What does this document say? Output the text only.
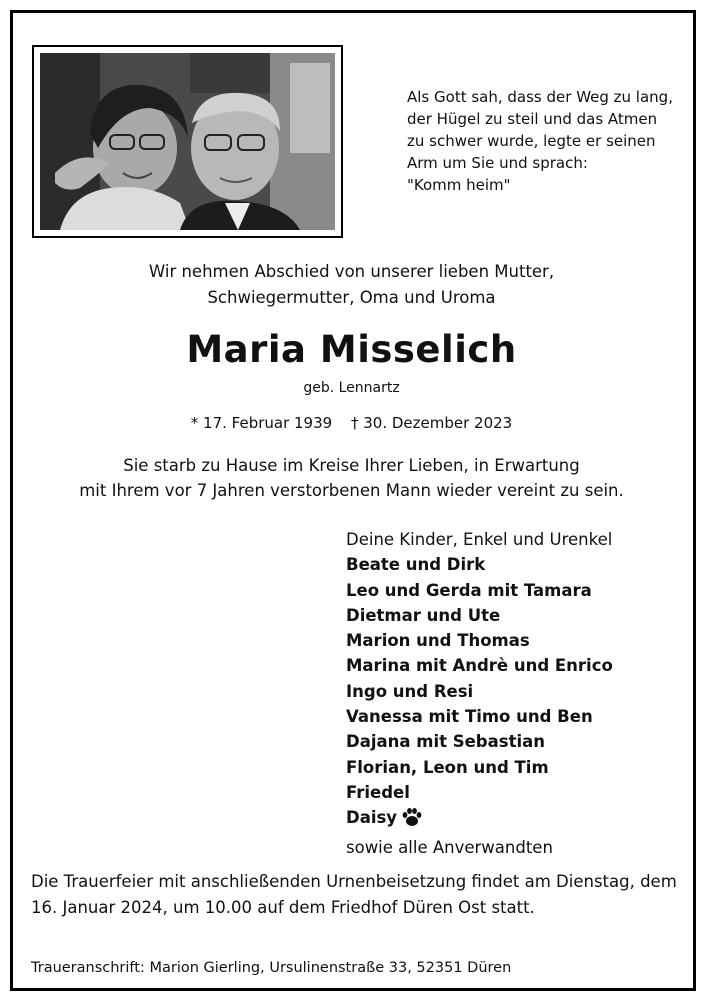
Als Gott sah, dass der Weg zu lang,
der Hügel zu steil und das Atmen
zu schwer wurde, legte er seinen
Arm um Sie und sprach:
"Komm heim"
Wir nehmen Abschied von unserer lieben Mutter,
Schwiegermutter, Oma und Uroma
Maria Misselich
geb. Lennartz
* 17. Februar 1939 † 30. Dezember 2023
Sie starb zu Hause im Kreise Ihrer Lieben, in Erwartung
mit Ihrem vor 7 Jahren verstorbenen Mann wieder vereint zu sein.
Deine Kinder, Enkel und Urenkel
Beate und Dirk
Leo und Gerda mit Tamara
Dietmar und Ute
Marion und Thomas
Marina mit Andrè und Enrico
Ingo und Resi
Vanessa mit Timo und Ben
Dajana mit Sebastian
Florian, Leon und Tim
Friedel
Daisy
sowie alle Anverwandten
Die Trauerfeier mit anschließenden Urnenbeisetzung findet am Dienstag, dem 16. Januar 2024, um 10.00 auf dem Friedhof Düren Ost statt.
Traueranschrift: Marion Gierling, Ursulinenstraße 33, 52351 Düren
